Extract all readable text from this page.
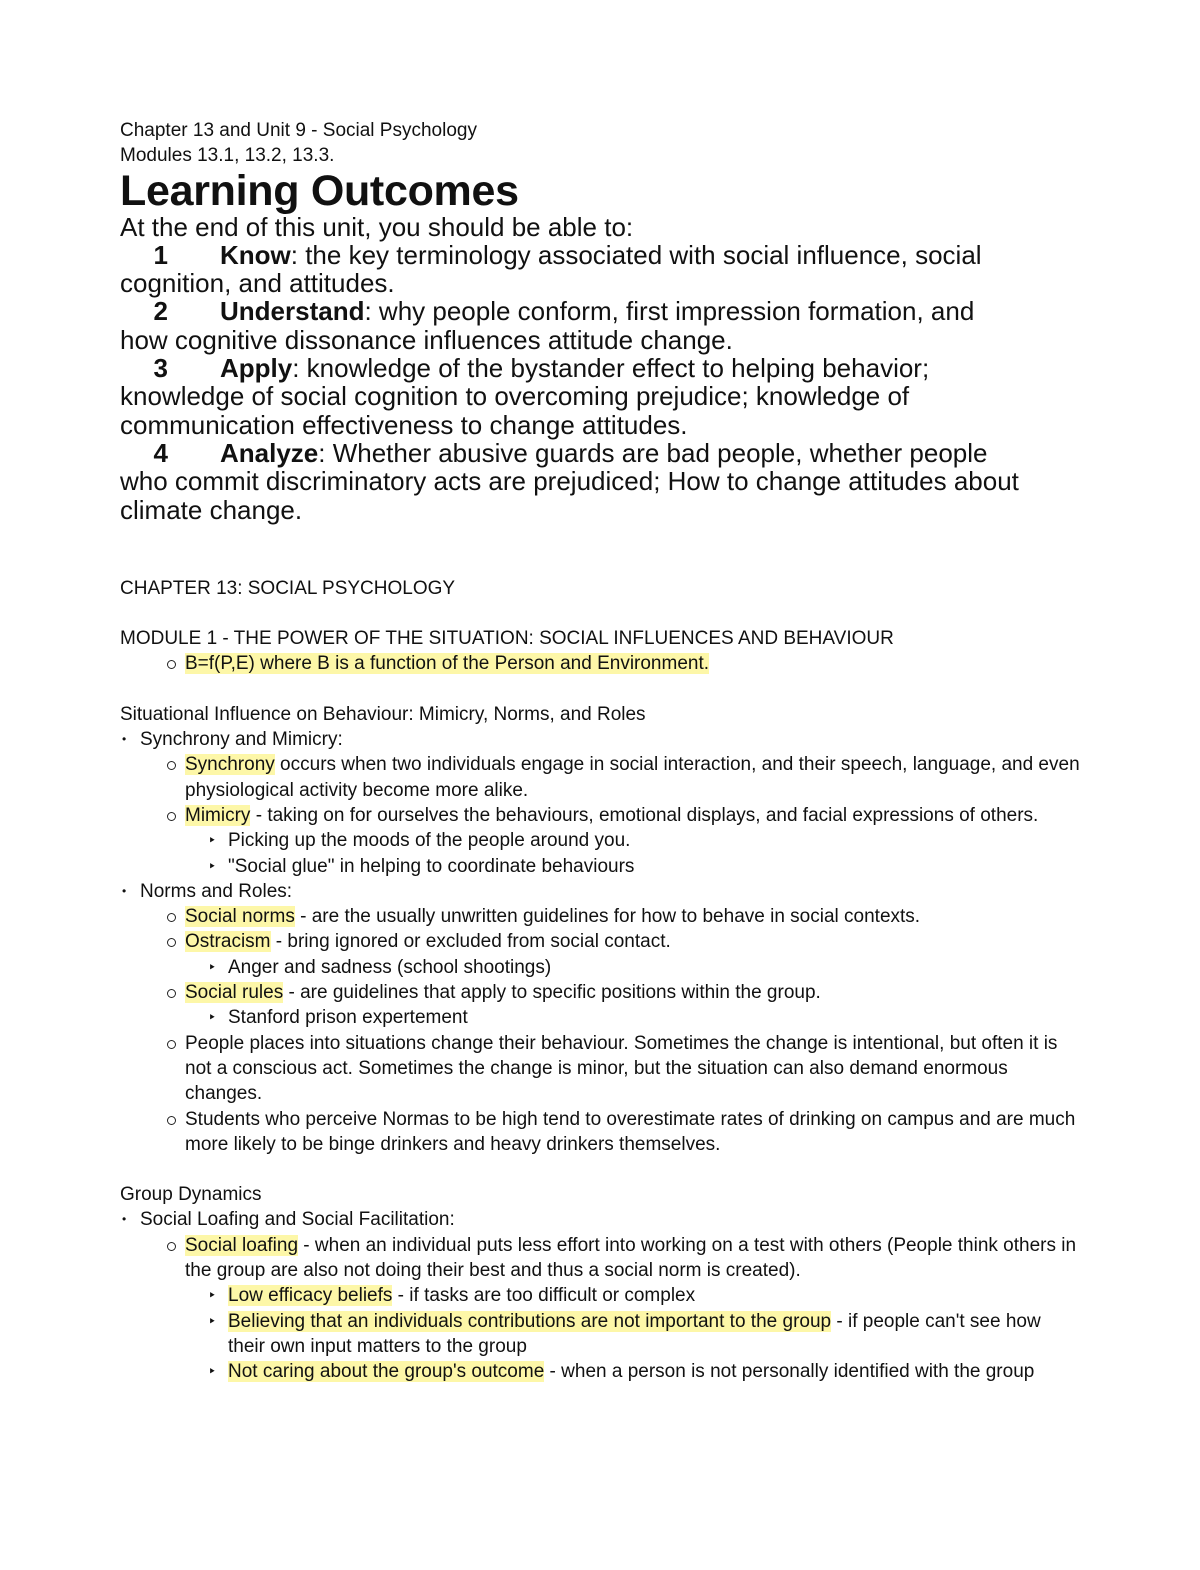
Chapter 13 and Unit 9 - Social Psychology
Modules 13.1, 13.2, 13.3.
Learning Outcomes
At the end of this unit, you should be able to:
1 Know: the key terminology associated with social influence, social
cognition, and attitudes.
2 Understand: why people conform, first impression formation, and
how cognitive dissonance influences attitude change.
3 Apply: knowledge of the bystander effect to helping behavior;
knowledge of social cognition to overcoming prejudice; knowledge of communication effectiveness to change attitudes.
4 Analyze: Whether abusive guards are bad people, whether people
who commit discriminatory acts are prejudiced; How to change attitudes about climate change.
CHAPTER 13: SOCIAL PSYCHOLOGY
MODULE 1 - THE POWER OF THE SITUATION: SOCIAL INFLUENCES AND BEHAVIOUR
B=f(P,E) where B is a function of the Person and Environment.
Situational Influence on Behaviour: Mimicry, Norms, and Roles
• Synchrony and Mimicry:
Synchrony occurs when two individuals engage in social interaction, and their speech, language, and even physiological activity become more alike.
Mimicry - taking on for ourselves the behaviours, emotional displays, and facial expressions of others.
‣ Picking up the moods of the people around you.
‣ "Social glue" in helping to coordinate behaviours
• Norms and Roles:
Social norms - are the usually unwritten guidelines for how to behave in social contexts.
Ostracism - bring ignored or excluded from social contact.
‣ Anger and sadness (school shootings)
Social rules - are guidelines that apply to specific positions within the group.
‣ Stanford prison expertement
People places into situations change their behaviour. Sometimes the change is intentional, but often it is not a conscious act. Sometimes the change is minor, but the situation can also demand enormous changes.
Students who perceive Normas to be high tend to overestimate rates of drinking on campus and are much more likely to be binge drinkers and heavy drinkers themselves.
Group Dynamics
• Social Loafing and Social Facilitation:
Social loafing - when an individual puts less effort into working on a test with others (People think others in the group are also not doing their best and thus a social norm is created).
‣ Low efficacy beliefs - if tasks are too difficult or complex
‣ Believing that an individuals contributions are not important to the group - if people can't see how their own input matters to the group
‣ Not caring about the group's outcome - when a person is not personally identified with the group
